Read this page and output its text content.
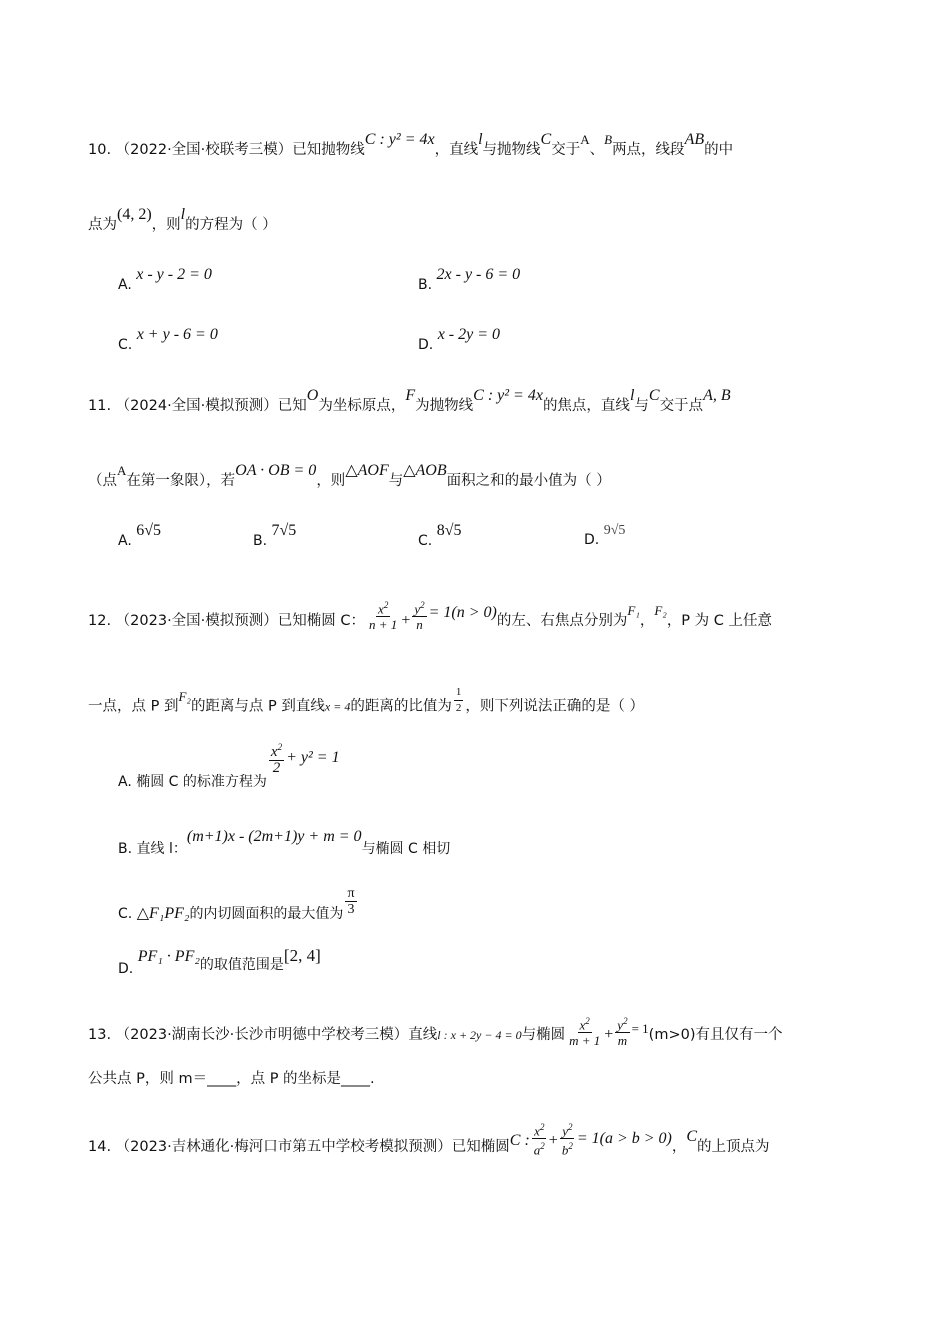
10. （2022·全国·校联考三模）已知抛物线C : y² = 4x，直线l与抛物线C交于A、B两点，线段AB的中
点为(4, 2)，则l的方程为（ ）
A. x - y - 2 = 0
B. 2x - y - 6 = 0
C. x + y - 6 = 0
D. x - 2y = 0
11. （2024·全国·模拟预测）已知O为坐标原点，F为抛物线C : y² = 4x的焦点，直线l与C交于点A, B
（点A在第一象限），若OA · OB = 0，则△AOF与△AOB面积之和的最小值为（ ）
A. 6√5
B. 7√5
C. 8√5
D. 9√5
12. （2023·全国·模拟预测）已知椭圆 C： $\frac{x^2}{n + 1} + \frac{y^2}{n} = 1(n > 0)$的左、右焦点分别为F₁，F₂，P 为 C 上任意
一点，点 P 到F₂的距离与点 P 到直线x = 4的距离的比值为 $\frac{1}{2}$ ，则下列说法正确的是（ ）
A. 椭圆 C 的标准方程为
$\frac{x^2}{2} + y^2 = 1$
B. 直线 l：(m+1)x - (2m+1)y + m = 0与椭圆 C 相切
C. △F₁PF₂的内切圆面积的最大值为 $\frac{\pi}{3}$
D. PF₁ · PF₂的取值范围是[2, 4]
13. （2023·湖南长沙·长沙市明德中学校考三模）直线l : x + 2y − 4 = 0与椭圆 $\frac{x^2}{m + 1} + \frac{y^2}{m} = 1(m>0)$有且仅有一个
公共点 P，则 m＝____，点 P 的坐标是____.
14. （2023·吉林通化·梅河口市第五中学校考模拟预测）已知椭圆C : $\frac{x^2}{a^2} + \frac{y^2}{b^2} = 1(a > b > 0)$，C的上顶点为
